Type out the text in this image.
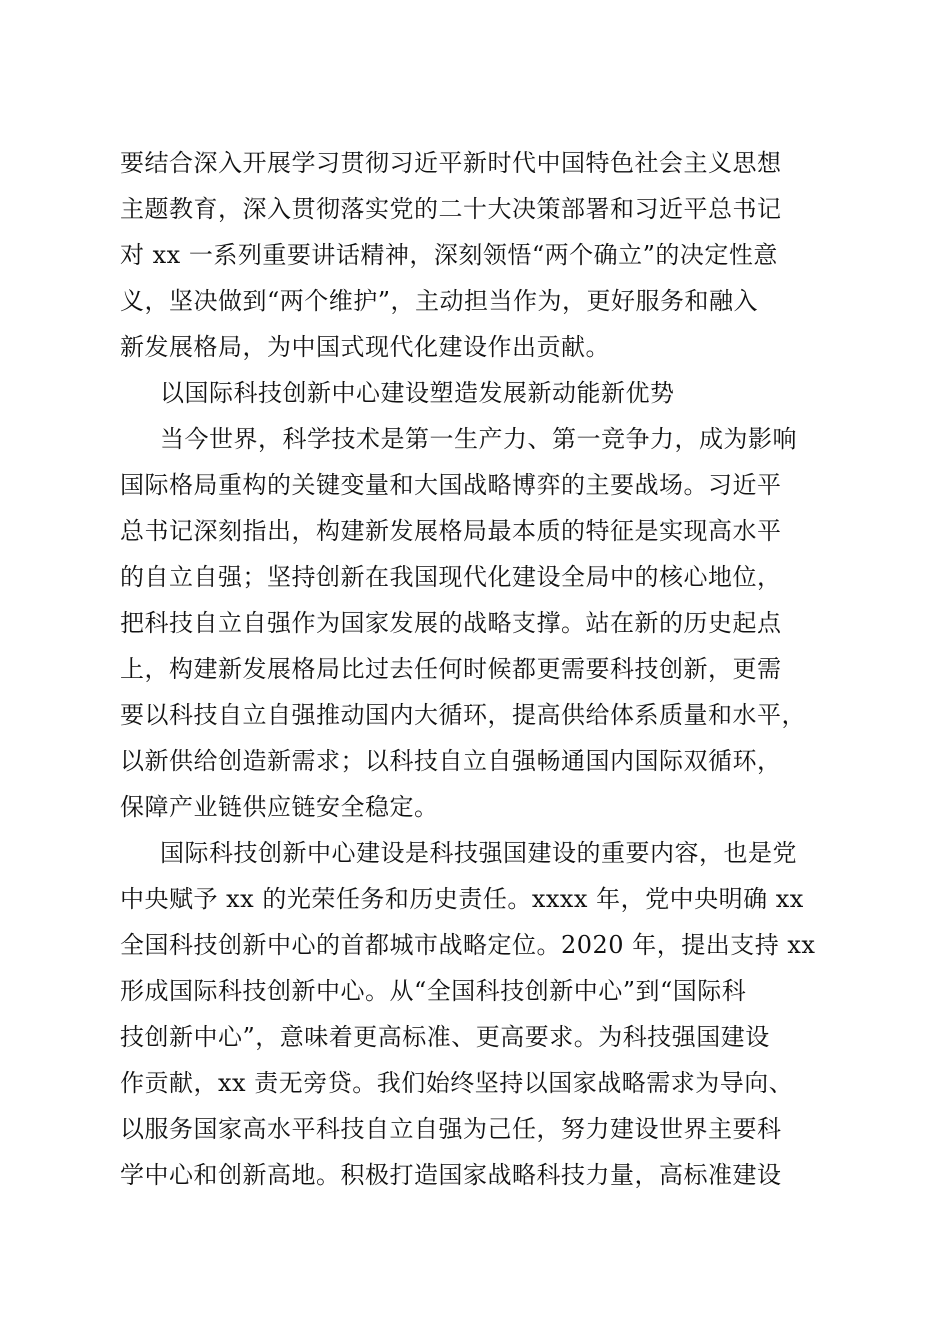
要结合深入开展学习贯彻习近平新时代中国特色社会主义思想

主题教育，深入贯彻落实党的二十大决策部署和习近平总书记

对 xx 一系列重要讲话精神，深刻领悟“两个确立”的决定性意

义，坚决做到“两个维护”，主动担当作为，更好服务和融入

新发展格局，为中国式现代化建设作出贡献。

以国际科技创新中心建设塑造发展新动能新优势

当今世界，科学技术是第一生产力、第一竞争力，成为影响

国际格局重构的关键变量和大国战略博弈的主要战场。习近平

总书记深刻指出，构建新发展格局最本质的特征是实现高水平

的自立自强；坚持创新在我国现代化建设全局中的核心地位，

把科技自立自强作为国家发展的战略支撑。站在新的历史起点

上，构建新发展格局比过去任何时候都更需要科技创新，更需

要以科技自立自强推动国内大循环，提高供给体系质量和水平，

以新供给创造新需求；以科技自立自强畅通国内国际双循环，

保障产业链供应链安全稳定。

国际科技创新中心建设是科技强国建设的重要内容，也是党

中央赋予 xx 的光荣任务和历史责任。xxxx 年，党中央明确 xx

全国科技创新中心的首都城市战略定位。2020 年，提出支持 xx

形成国际科技创新中心。从“全国科技创新中心”到“国际科

技创新中心”，意味着更高标准、更高要求。为科技强国建设

作贡献，xx 责无旁贷。我们始终坚持以国家战略需求为导向、

以服务国家高水平科技自立自强为己任，努力建设世界主要科

学中心和创新高地。积极打造国家战略科技力量，高标准建设
